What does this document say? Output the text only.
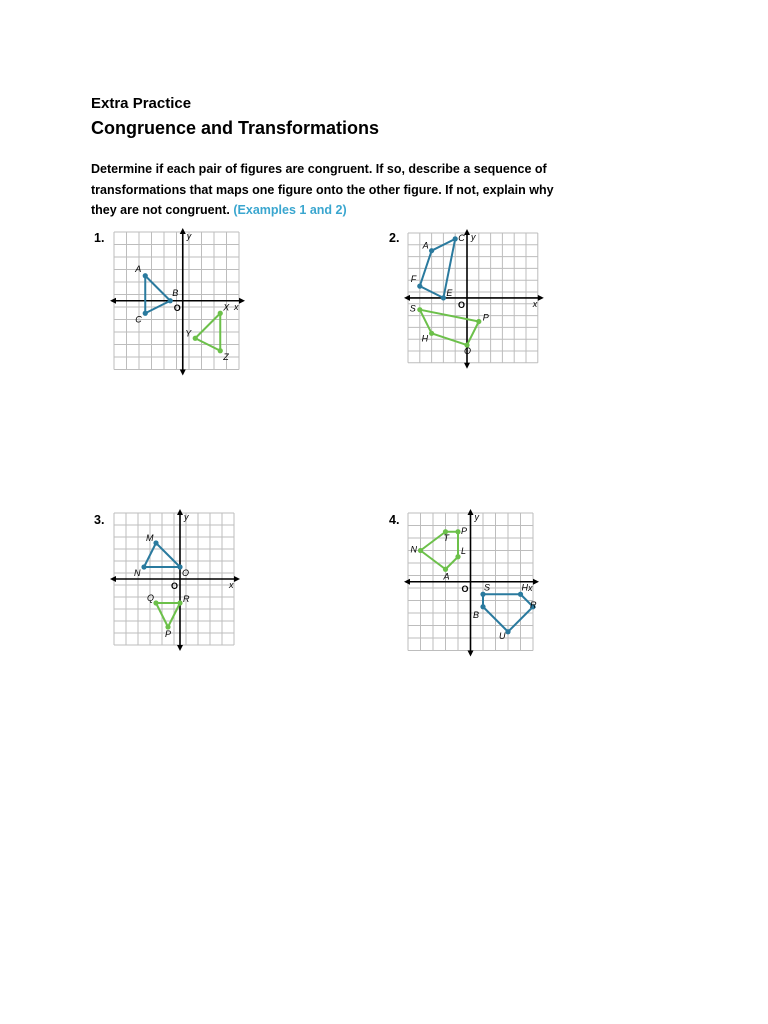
Extra Practice
Congruence and Transformations

Determine if each pair of figures are congruent. If so, describe a sequence of transformations that maps one figure onto the other figure. If not, explain why they are not congruent. (Examples 1 and 2)

1.	2.
3.	4.
x
y
O
A
B
C
X
Y
Z
x
y
O
A
C
E
F
S
P
O
H
x
y
O
M
O
N
Q	R
P
x
y
O
T
P
L
A
N
S	H
R
U
B
